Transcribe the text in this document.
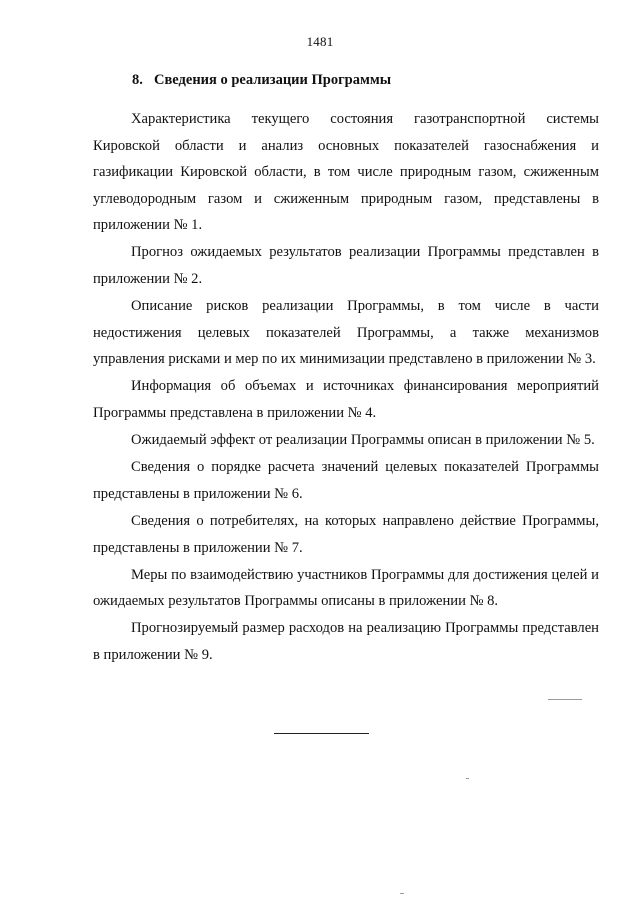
1481
8. Сведения о реализации Программы

Характеристика текущего состояния газотранспортной системы Кировской области и анализ основных показателей газоснабжения и газификации Кировской области, в том числе природным газом, сжиженным углеводородным газом и сжиженным природным газом, представлены в приложении № 1.

Прогноз ожидаемых результатов реализации Программы представлен в приложении № 2.

Описание рисков реализации Программы, в том числе в части недостижения целевых показателей Программы, а также механизмов управления рисками и мер по их минимизации представлено в приложении № 3.

Информация об объемах и источниках финансирования мероприятий Программы представлена в приложении № 4.

Ожидаемый эффект от реализации Программы описан в приложении № 5.

Сведения о порядке расчета значений целевых показателей Программы представлены в приложении № 6.

Сведения о потребителях, на которых направлено действие Программы, представлены в приложении № 7.

Меры по взаимодействию участников Программы для достижения целей и ожидаемых результатов Программы описаны в приложении № 8.

Прогнозируемый размер расходов на реализацию Программы представлен в приложении № 9.
